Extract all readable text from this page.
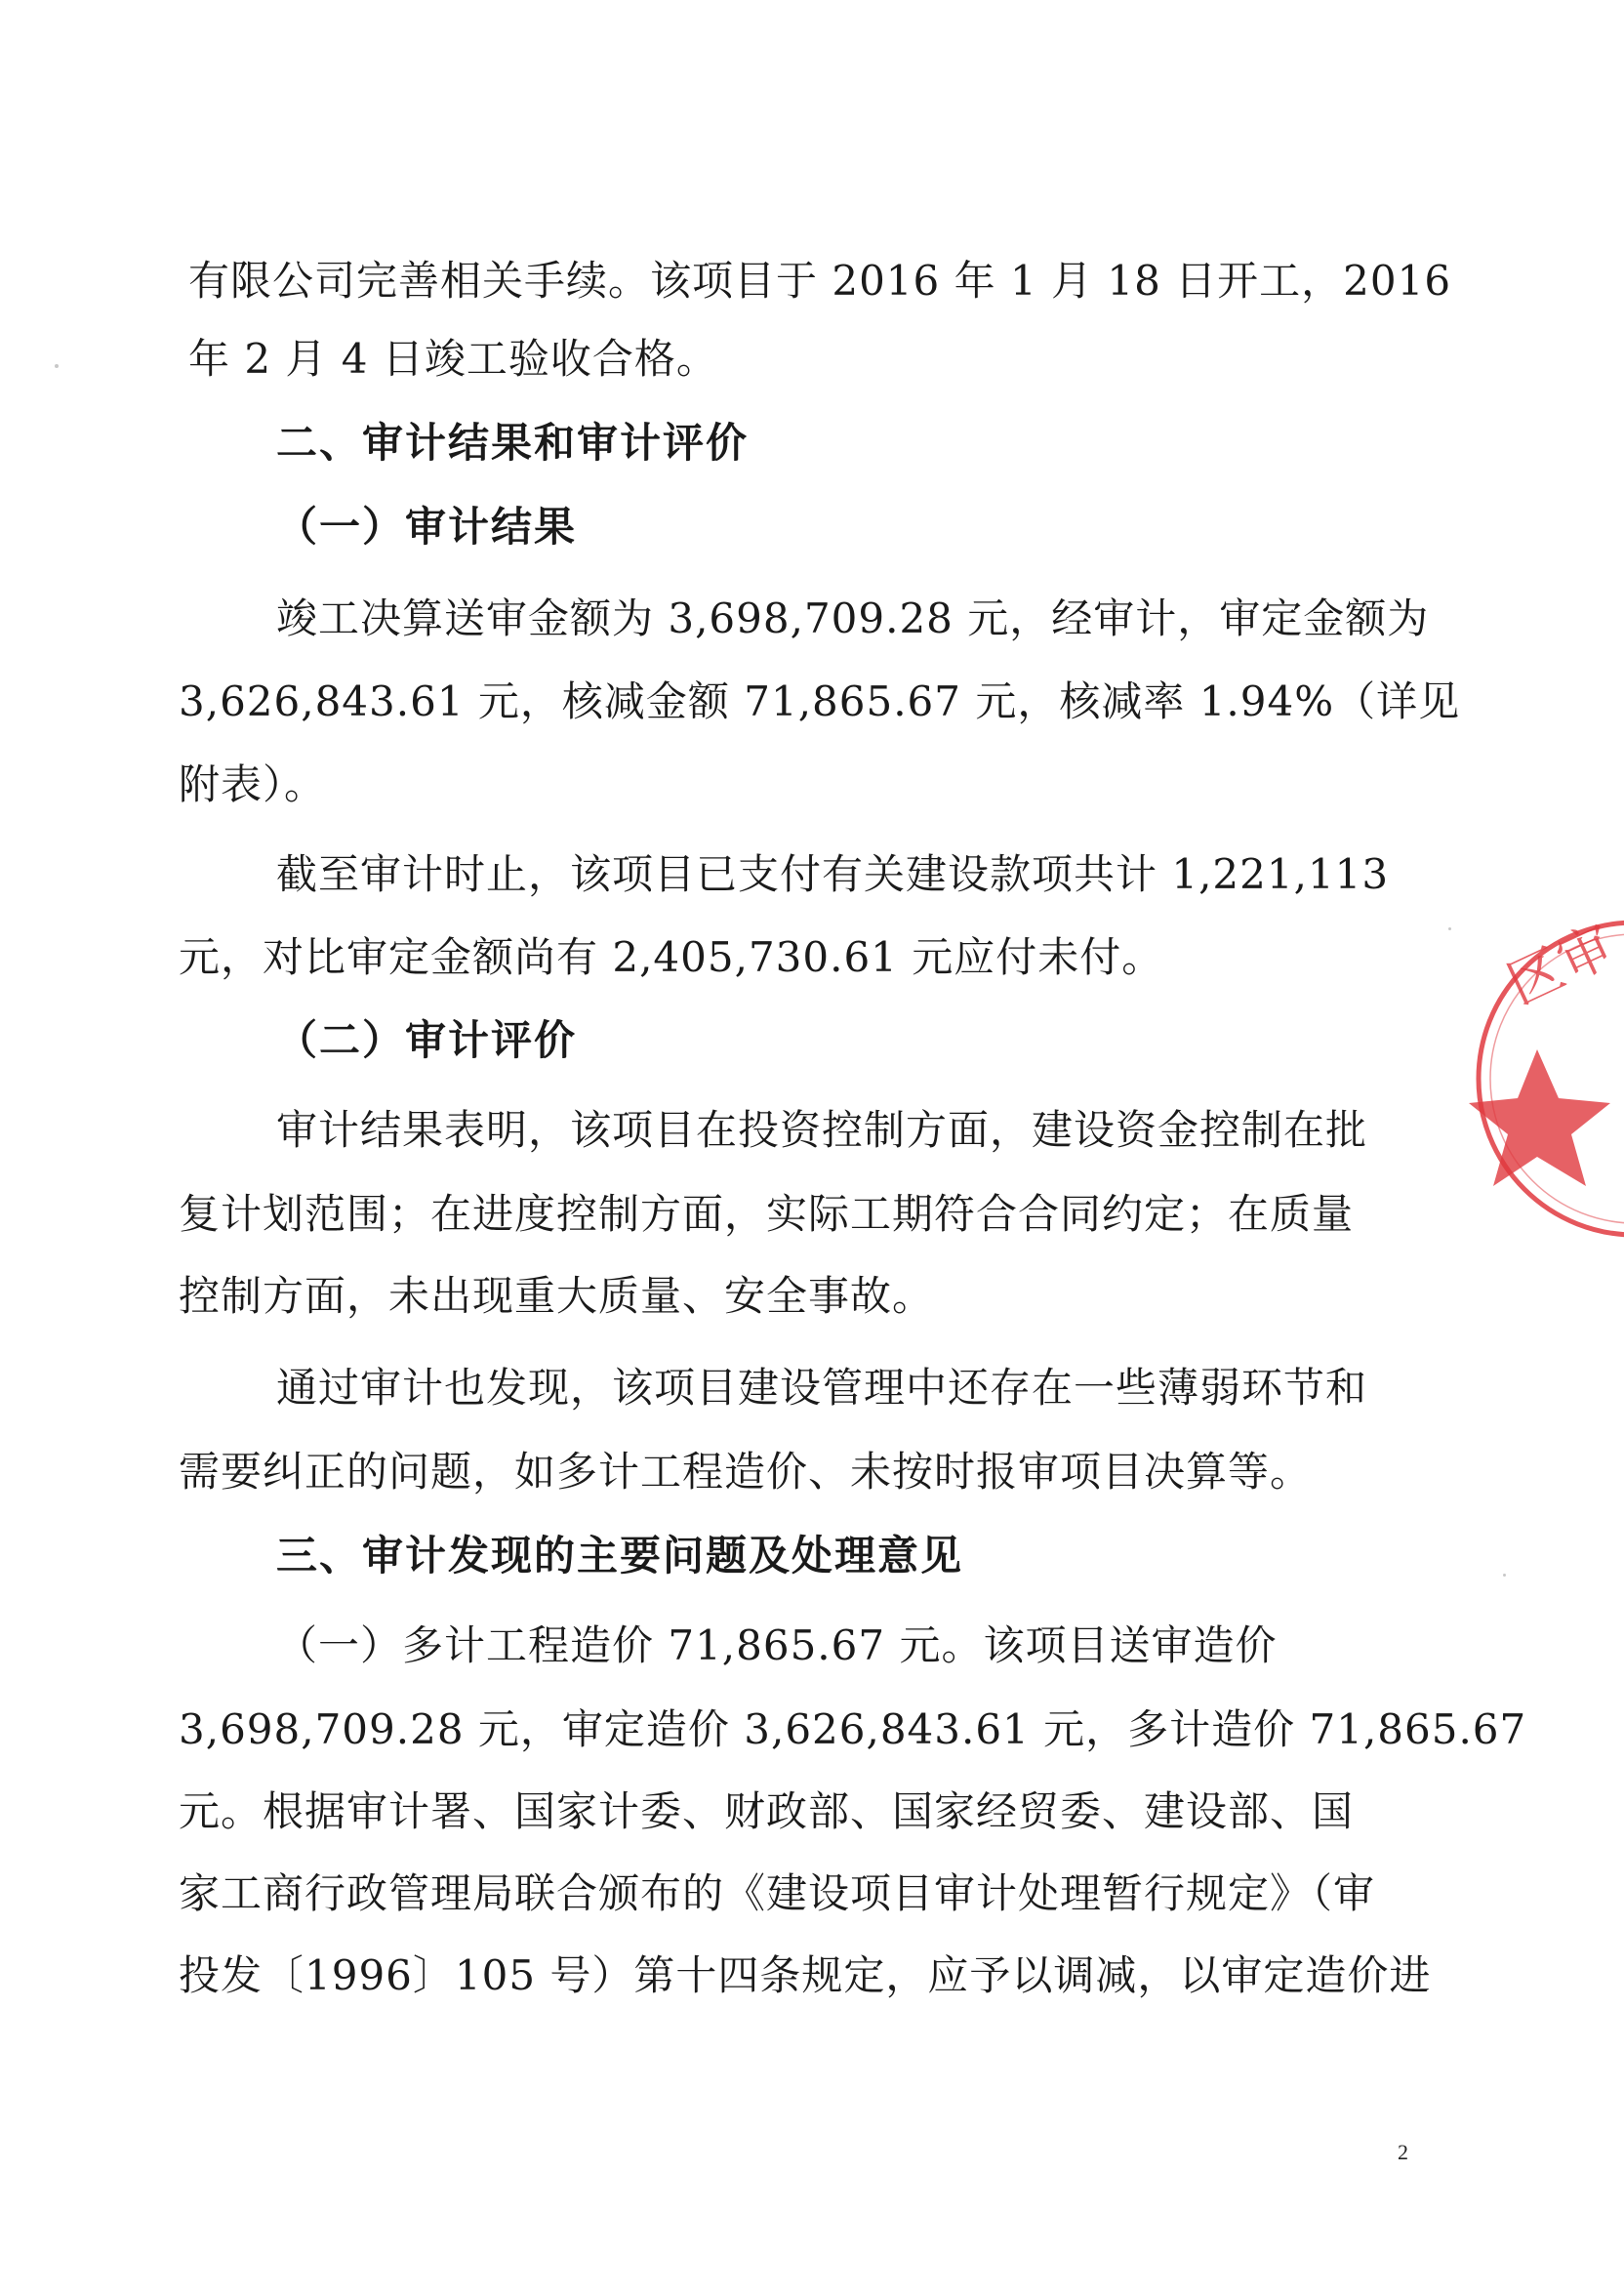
有限公司完善相关手续。该项目于 2016 年 1 月 18 日开工，2016
年 2 月 4 日竣工验收合格。
二、审计结果和审计评价
（一）审计结果
竣工决算送审金额为 3,698,709.28 元，经审计，审定金额为
3,626,843.61 元，核减金额 71,865.67 元，核减率 1.94%（详见
附表）。
截至审计时止，该项目已支付有关建设款项共计 1,221,113
元，对比审定金额尚有 2,405,730.61 元应付未付。
（二）审计评价
审计结果表明，该项目在投资控制方面，建设资金控制在批
复计划范围；在进度控制方面，实际工期符合合同约定；在质量
控制方面，未出现重大质量、安全事故。
通过审计也发现，该项目建设管理中还存在一些薄弱环节和
需要纠正的问题，如多计工程造价、未按时报审项目决算等。
三、审计发现的主要问题及处理意见
（一）多计工程造价 71,865.67 元。该项目送审造价
3,698,709.28 元，审定造价 3,626,843.61 元，多计造价 71,865.67
元。根据审计署、国家计委、财政部、国家经贸委、建设部、国
家工商行政管理局联合颁布的《建设项目审计处理暂行规定》（审
投发〔1996〕105 号）第十四条规定，应予以调减，以审定造价进
2
区审
